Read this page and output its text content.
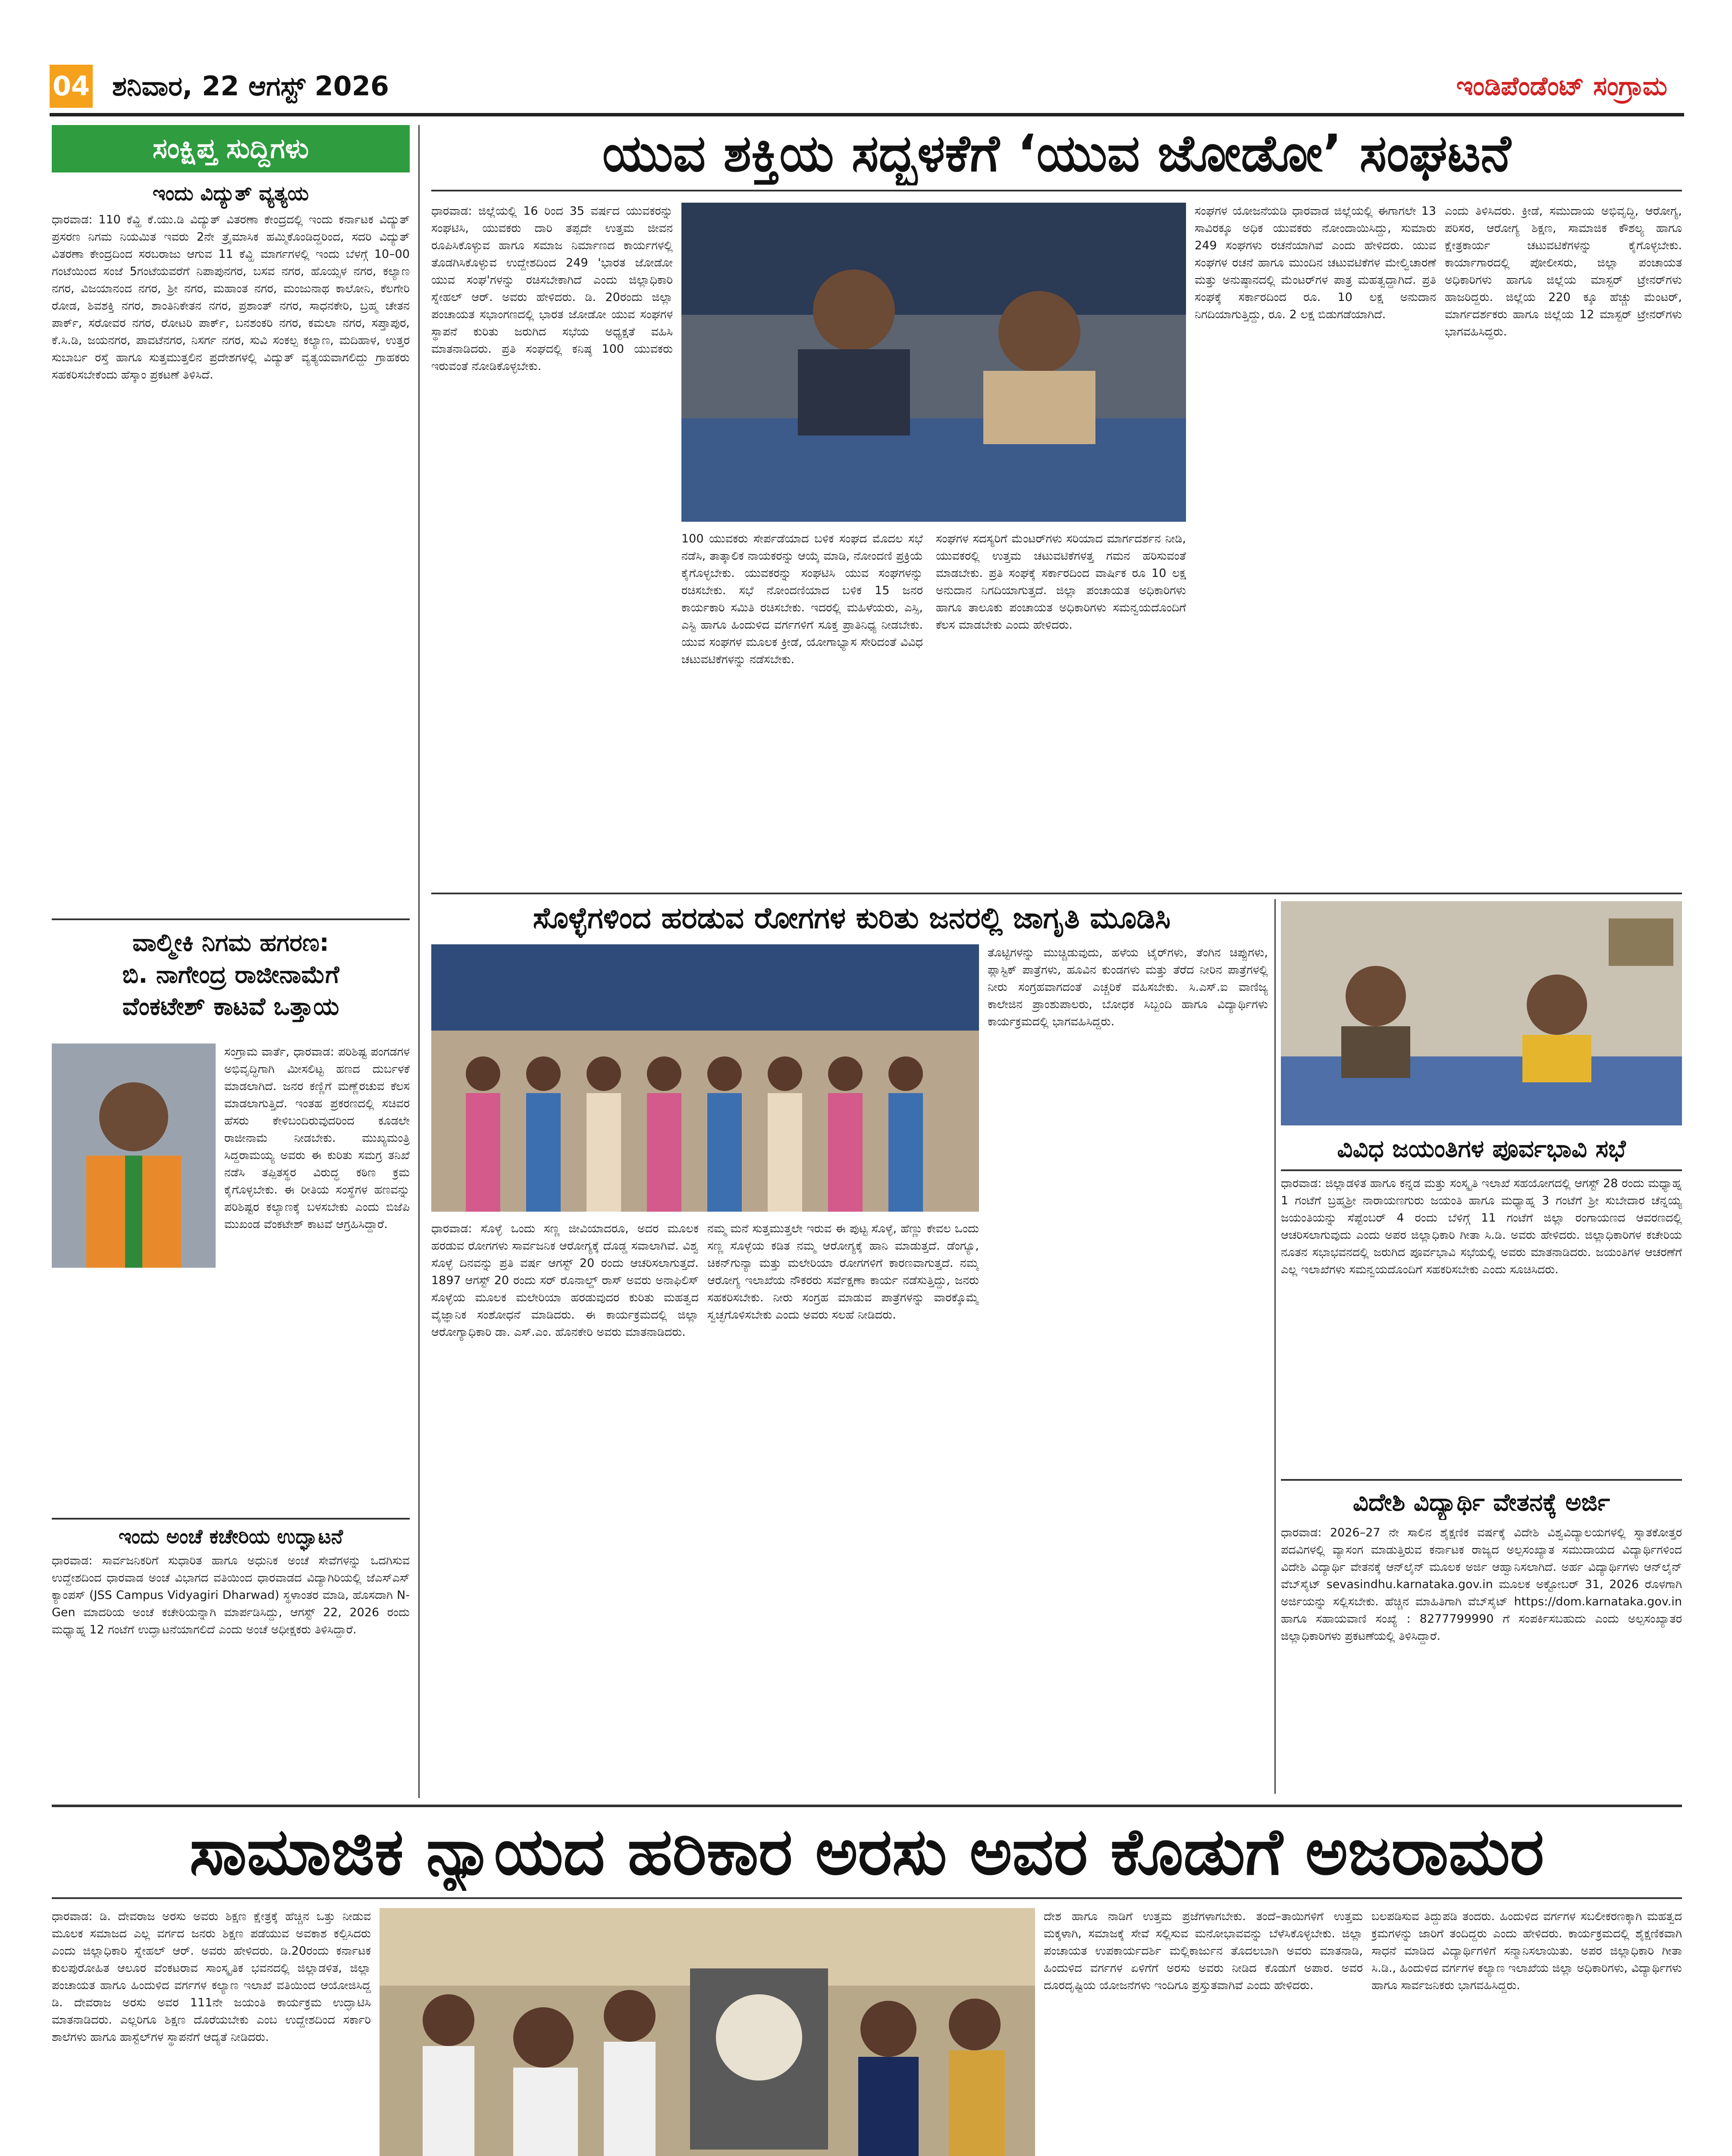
04 ಶನಿವಾರ, 22 ಆಗಸ್ಟ್ 2026	ಇಂಡಿಪೆಂಡೆಂಟ್ ಸಂಗ್ರಾಮ
ಸಂಕ್ಷಿಪ್ತ ಸುದ್ದಿಗಳು
ಇಂದು ವಿದ್ಯುತ್ ವ್ಯತ್ಯಯ

ಧಾರವಾಡ: 110 ಕೆವ್ಹಿ ಕೆ.ಯು.ಡಿ ವಿದ್ಯುತ್ ವಿತರಣಾ ಕೇಂದ್ರದಲ್ಲಿ ಇಂದು ಕರ್ನಾಟಕ ವಿದ್ಯುತ್ ಪ್ರಸರಣ ನಿಗಮ ನಿಯಮಿತ ಇವರು 2ನೇ ತ್ರೈಮಾಸಿಕ ಹಮ್ಮಿಕೊಂಡಿದ್ದರಿಂದ, ಸದರಿ ವಿದ್ಯುತ್ ವಿತರಣಾ ಕೇಂದ್ರದಿಂದ ಸರಬರಾಜು ಆಗುವ 11 ಕೆವ್ಹಿ ಮಾರ್ಗಗಳಲ್ಲಿ ಇಂದು ಬೆಳಗ್ಗೆ 10–00 ಗಂಟೆಯಿಂದ ಸಂಜೆ 5ಗಂಟೆಯವರೆಗೆ ನಿಪಾಪುನಗರ, ಬಸವ ನಗರ, ಹೊಯ್ಸಳ ನಗರ, ಕಲ್ಯಾಣ ನಗರ, ವಿಜಯಾನಂದ ನಗರ, ಶ್ರೀ ನಗರ, ಮಹಾಂತ ನಗರ, ಮಂಜುನಾಥ ಕಾಲೋನಿ, ಕೆಲಗೇರಿ ರೋಡ, ಶಿವಶಕ್ತಿ ನಗರ, ಶಾಂತಿನಿಕೇತನ ನಗರ, ಪ್ರಶಾಂತ್ ನಗರ, ಸಾಧನಕೇರಿ, ಬ್ರಹ್ಮ ಚೇತನ ಪಾರ್ಕ್, ಸರೋವರ ನಗರ, ರೋಟರಿ ಪಾರ್ಕ್, ಬನಶಂಕರಿ ನಗರ, ಕಮಲಾ ನಗರ, ಸಪ್ತಾಪುರ, ಕೆ.ಸಿ.ಡಿ, ಜಯನಗರ, ಪಾವಟೆನಗರ, ನಿಸರ್ಗ ನಗರ, ಸುವಿ ಸಂಕಲ್ಪ ಕಲ್ಯಾಣ, ಮದಿಹಾಳ, ಉತ್ತರ ಸುಬಾರ್ಬ ರಸ್ತೆ ಹಾಗೂ ಸುತ್ತಮುತ್ತಲಿನ ಪ್ರದೇಶಗಳಲ್ಲಿ ವಿದ್ಯುತ್ ವ್ಯತ್ಯಯವಾಗಲಿದ್ದು ಗ್ರಾಹಕರು ಸಹಕರಿಸಬೇಕೆಂದು ಹೆಸ್ಕಾಂ ಪ್ರಕಟಣೆ ತಿಳಿಸಿದೆ.

ವಾಲ್ಮೀಕಿ ನಿಗಮ ಹಗರಣ:
ಬಿ. ನಾಗೇಂದ್ರ ರಾಜೀನಾಮೆಗೆ
ವೆಂಕಟೇಶ್ ಕಾಟವೆ ಒತ್ತಾಯ

ಸಂಗ್ರಾಮ ವಾರ್ತೆ, ಧಾರವಾಡ: ಪರಿಶಿಷ್ಟ ಪಂಗಡಗಳ ಅಭಿವೃದ್ಧಿಗಾಗಿ ಮೀಸಲಿಟ್ಟ ಹಣದ ದುರ್ಬಳಕೆ ಮಾಡಲಾಗಿದೆ. ಜನರ ಕಣ್ಣಿಗೆ ಮಣ್ಣೆರಚುವ ಕೆಲಸ ಮಾಡಲಾಗುತ್ತಿದೆ. ಇಂತಹ ಪ್ರಕರಣದಲ್ಲಿ ಸಚಿವರ ಹೆಸರು ಕೇಳಿಬಂದಿರುವುದರಿಂದ ಕೂಡಲೇ ರಾಜೀನಾಮೆ ನೀಡಬೇಕು. ಮುಖ್ಯಮಂತ್ರಿ ಸಿದ್ದರಾಮಯ್ಯ ಅವರು ಈ ಕುರಿತು ಸಮಗ್ರ ತನಿಖೆ ನಡೆಸಿ ತಪ್ಪಿತಸ್ಥರ ವಿರುದ್ಧ ಕಠಿಣ ಕ್ರಮ ಕೈಗೊಳ್ಳಬೇಕು. ಈ ರೀತಿಯ ಸಂಸ್ಥೆಗಳ ಹಣವನ್ನು ಪರಿಶಿಷ್ಟರ ಕಲ್ಯಾಣಕ್ಕೆ ಬಳಸಬೇಕು ಎಂದು ಬಿಜೆಪಿ ಮುಖಂಡ ವೆಂಕಟೇಶ್ ಕಾಟವೆ ಆಗ್ರಹಿಸಿದ್ದಾರೆ.

ಇಂದು ಅಂಚೆ ಕಚೇರಿಯ ಉದ್ಘಾಟನೆ

ಧಾರವಾಡ: ಸಾರ್ವಜನಿಕರಿಗೆ ಸುಧಾರಿತ ಹಾಗೂ ಅಧುನಿಕ ಅಂಚೆ ಸೇವೆಗಳನ್ನು ಒದಗಿಸುವ ಉದ್ದೇಶದಿಂದ ಧಾರವಾಡ ಅಂಚೆ ವಿಭಾಗದ ವತಿಯಿಂದ ಧಾರವಾಡದ ವಿದ್ಯಾಗಿರಿಯಲ್ಲಿ ಜೆಎಸ್ಎಸ್ ಕ್ಯಾಂಪಸ್ (JSS Campus Vidyagiri Dharwad) ಸ್ಥಳಾಂತರ ಮಾಡಿ, ಹೊಸದಾಗಿ N-Gen ಮಾದರಿಯ ಅಂಚೆ ಕಚೇರಿಯನ್ನಾಗಿ ಮಾರ್ಪಡಿಸಿದ್ದು, ಆಗಸ್ಟ್ 22, 2026 ರಂದು ಮಧ್ಯಾಹ್ನ 12 ಗಂಟೆಗೆ ಉದ್ಘಾಟನೆಯಾಗಲಿದೆ ಎಂದು ಅಂಚೆ ಅಧೀಕ್ಷಕರು ತಿಳಿಸಿದ್ದಾರೆ.

ಯುವ ಶಕ್ತಿಯ ಸದ್ಬಳಕೆಗೆ ‘ಯುವ ಜೋಡೋ’ ಸಂಘಟನೆ

ಧಾರವಾಡ: ಜಿಲ್ಲೆಯಲ್ಲಿ 16 ರಿಂದ 35 ವರ್ಷದ ಯುವಕರನ್ನು ಸಂಘಟಿಸಿ, ಯುವಕರು ದಾರಿ ತಪ್ಪದೇ ಉತ್ತಮ ಜೀವನ ರೂಪಿಸಿಕೊಳ್ಳುವ ಹಾಗೂ ಸಮಾಜ ನಿರ್ಮಾಣದ ಕಾರ್ಯಗಳಲ್ಲಿ ತೊಡಗಿಸಿಕೊಳ್ಳುವ ಉದ್ದೇಶದಿಂದ 249 'ಭಾರತ ಜೋಡೋ ಯುವ ಸಂಘ'ಗಳನ್ನು ರಚಿಸಬೇಕಾಗಿದೆ ಎಂದು ಜಿಲ್ಲಾಧಿಕಾರಿ ಸ್ನೇಹಲ್ ಆರ್. ಅವರು ಹೇಳಿದರು. ಡಿ. 20ರಂದು ಜಿಲ್ಲಾ ಪಂಚಾಯತ ಸಭಾಂಗಣದಲ್ಲಿ ಭಾರತ ಜೋಡೋ ಯುವ ಸಂಘಗಳ ಸ್ಥಾಪನೆ ಕುರಿತು ಜರುಗಿದ ಸಭೆಯ ಅಧ್ಯಕ್ಷತೆ ವಹಿಸಿ ಮಾತನಾಡಿದರು. ಪ್ರತಿ ಸಂಘದಲ್ಲಿ ಕನಿಷ್ಠ 100 ಯುವಕರು ಇರುವಂತೆ ನೋಡಿಕೊಳ್ಳಬೇಕು.

100 ಯುವಕರು ಸೇರ್ಪಡೆಯಾದ ಬಳಿಕ ಸಂಘದ ಮೊದಲ ಸಭೆ ನಡೆಸಿ, ತಾತ್ಕಾಲಿಕ ನಾಯಕರನ್ನು ಆಯ್ಕೆ ಮಾಡಿ, ನೋಂದಣಿ ಪ್ರಕ್ರಿಯೆ ಕೈಗೊಳ್ಳಬೇಕು. ಯುವಕರನ್ನು ಸಂಘಟಿಸಿ ಯುವ ಸಂಘಗಳನ್ನು ರಚಿಸಬೇಕು. ಸಭೆ ನೋಂದಣಿಯಾದ ಬಳಿಕ 15 ಜನರ ಕಾರ್ಯಕಾರಿ ಸಮಿತಿ ರಚಿಸಬೇಕು. ಇದರಲ್ಲಿ ಮಹಿಳೆಯರು, ಎಸ್ಸಿ, ಎಸ್ಟಿ ಹಾಗೂ ಹಿಂದುಳಿದ ವರ್ಗಗಳಿಗೆ ಸೂಕ್ತ ಪ್ರಾತಿನಿಧ್ಯ ನೀಡಬೇಕು. ಯುವ ಸಂಘಗಳ ಮೂಲಕ ಕ್ರೀಡೆ, ಯೋಗಾಭ್ಯಾಸ ಸೇರಿದಂತೆ ವಿವಿಧ ಚಟುವಟಿಕೆಗಳನ್ನು ನಡೆಸಬೇಕು.

ಸಂಘಗಳ ಸದಸ್ಯರಿಗೆ ಮೆಂಟರ್‌ಗಳು ಸರಿಯಾದ ಮಾರ್ಗದರ್ಶನ ನೀಡಿ, ಯುವಕರಲ್ಲಿ ಉತ್ತಮ ಚಟುವಟಿಕೆಗಳತ್ತ ಗಮನ ಹರಿಸುವಂತೆ ಮಾಡಬೇಕು. ಪ್ರತಿ ಸಂಘಕ್ಕೆ ಸರ್ಕಾರದಿಂದ ವಾರ್ಷಿಕ ರೂ 10 ಲಕ್ಷ ಅನುದಾನ ನಿಗದಿಯಾಗುತ್ತದೆ. ಜಿಲ್ಲಾ ಪಂಚಾಯತ ಅಧಿಕಾರಿಗಳು ಹಾಗೂ ತಾಲೂಕು ಪಂಚಾಯತ ಅಧಿಕಾರಿಗಳು ಸಮನ್ವಯದೊಂದಿಗೆ ಕೆಲಸ ಮಾಡಬೇಕು ಎಂದು ಹೇಳಿದರು.

ಸಂಘಗಳ ಯೋಜನೆಯಡಿ ಧಾರವಾಡ ಜಿಲ್ಲೆಯಲ್ಲಿ ಈಗಾಗಲೇ 13 ಸಾವಿರಕ್ಕೂ ಅಧಿಕ ಯುವಕರು ನೋಂದಾಯಿಸಿದ್ದು, ಸುಮಾರು 249 ಸಂಘಗಳು ರಚನೆಯಾಗಿವೆ ಎಂದು ಹೇಳಿದರು. ಯುವ ಸಂಘಗಳ ರಚನೆ ಹಾಗೂ ಮುಂದಿನ ಚಟುವಟಿಕೆಗಳ ಮೇಲ್ವಿಚಾರಣೆ ಮತ್ತು ಅನುಷ್ಠಾನದಲ್ಲಿ ಮೆಂಟರ್‌ಗಳ ಪಾತ್ರ ಮಹತ್ವದ್ದಾಗಿದೆ. ಪ್ರತಿ ಸಂಘಕ್ಕೆ ಸರ್ಕಾರದಿಂದ ರೂ. 10 ಲಕ್ಷ ಅನುದಾನ ನಿಗದಿಯಾಗುತ್ತಿದ್ದು, ರೂ. 2 ಲಕ್ಷ ಬಿಡುಗಡೆಯಾಗಿದೆ.

ಎಂದು ತಿಳಿಸಿದರು. ಕ್ರೀಡೆ, ಸಮುದಾಯ ಅಭಿವೃದ್ಧಿ, ಆರೋಗ್ಯ, ಪರಿಸರ, ಆರೋಗ್ಯ ಶಿಕ್ಷಣ, ಸಾಮಾಜಿಕ ಕೌಶಲ್ಯ ಹಾಗೂ ಕ್ಷೇತ್ರಕಾರ್ಯ ಚಟುವಟಿಕೆಗಳನ್ನು ಕೈಗೊಳ್ಳಬೇಕು. ಕಾರ್ಯಾಗಾರದಲ್ಲಿ ಪೋಲೀಸರು, ಜಿಲ್ಲಾ ಪಂಚಾಯತ ಅಧಿಕಾರಿಗಳು ಹಾಗೂ ಜಿಲ್ಲೆಯ ಮಾಸ್ಟರ್ ಟ್ರೇನರ್‌ಗಳು ಹಾಜರಿದ್ದರು. ಜಿಲ್ಲೆಯ 220 ಕ್ಕೂ ಹೆಚ್ಚು ಮೆಂಟರ್, ಮಾರ್ಗದರ್ಶಕರು ಹಾಗೂ ಜಿಲ್ಲೆಯ 12 ಮಾಸ್ಟರ್ ಟ್ರೇನರ್‌ಗಳು ಭಾಗವಹಿಸಿದ್ದರು.

ಸೊಳ್ಳೆಗಳಿಂದ ಹರಡುವ ರೋಗಗಳ ಕುರಿತು ಜನರಲ್ಲಿ ಜಾಗೃತಿ ಮೂಡಿಸಿ

ಧಾರವಾಡ: ಸೊಳ್ಳೆ ಒಂದು ಸಣ್ಣ ಜೀವಿಯಾದರೂ, ಅದರ ಮೂಲಕ ಹರಡುವ ರೋಗಗಳು ಸಾರ್ವಜನಿಕ ಆರೋಗ್ಯಕ್ಕೆ ದೊಡ್ಡ ಸವಾಲಾಗಿವೆ. ವಿಶ್ವ ಸೊಳ್ಳೆ ದಿನವನ್ನು ಪ್ರತಿ ವರ್ಷ ಆಗಸ್ಟ್ 20 ರಂದು ಆಚರಿಸಲಾಗುತ್ತದೆ. 1897 ಆಗಸ್ಟ್ 20 ರಂದು ಸರ್ ರೊನಾಲ್ಡ್ ರಾಸ್ ಅವರು ಅನಾಫಿಲಿಸ್ ಸೊಳ್ಳೆಯ ಮೂಲಕ ಮಲೇರಿಯಾ ಹರಡುವುದರ ಕುರಿತು ಮಹತ್ವದ ವೈಜ್ಞಾನಿಕ ಸಂಶೋಧನೆ ಮಾಡಿದರು. ಈ ಕಾರ್ಯಕ್ರಮದಲ್ಲಿ ಜಿಲ್ಲಾ ಆರೋಗ್ಯಾಧಿಕಾರಿ ಡಾ. ಎಸ್.ಎಂ. ಹೊನಕೇರಿ ಅವರು ಮಾತನಾಡಿದರು.

ನಮ್ಮ ಮನೆ ಸುತ್ತಮುತ್ತಲೇ ಇರುವ ಈ ಪುಟ್ಟ ಸೊಳ್ಳೆ, ಹೆಣ್ಣು ಕೇವಲ ಒಂದು ಸಣ್ಣ ಸೊಳ್ಳೆಯ ಕಡಿತ ನಮ್ಮ ಆರೋಗ್ಯಕ್ಕೆ ಹಾನಿ ಮಾಡುತ್ತದೆ. ಡೆಂಗ್ಯೂ, ಚಿಕನ್‌ಗುನ್ಯಾ ಮತ್ತು ಮಲೇರಿಯಾ ರೋಗಗಳಿಗೆ ಕಾರಣವಾಗುತ್ತದೆ. ನಮ್ಮ ಆರೋಗ್ಯ ಇಲಾಖೆಯ ನೌಕರರು ಸರ್ವೆಕ್ಷಣಾ ಕಾರ್ಯ ನಡೆಸುತ್ತಿದ್ದು, ಜನರು ಸಹಕರಿಸಬೇಕು. ನೀರು ಸಂಗ್ರಹ ಮಾಡುವ ಪಾತ್ರೆಗಳನ್ನು ವಾರಕ್ಕೊಮ್ಮೆ ಸ್ವಚ್ಛಗೊಳಿಸಬೇಕು ಎಂದು ಅವರು ಸಲಹೆ ನೀಡಿದರು.

ತೊಟ್ಟಿಗಳನ್ನು ಮುಚ್ಚಿಡುವುದು, ಹಳೆಯ ಟೈರ್‌ಗಳು, ತೆಂಗಿನ ಚಿಪ್ಪುಗಳು, ಪ್ಲಾಸ್ಟಿಕ್ ಪಾತ್ರೆಗಳು, ಹೂವಿನ ಕುಂಡಗಳು ಮತ್ತು ತೆರೆದ ನೀರಿನ ಪಾತ್ರೆಗಳಲ್ಲಿ ನೀರು ಸಂಗ್ರಹವಾಗದಂತೆ ಎಚ್ಚರಿಕೆ ವಹಿಸಬೇಕು. ಸಿ.ಎಸ್.ಐ ವಾಣಿಜ್ಯ ಕಾಲೇಜಿನ ಪ್ರಾಂಶುಪಾಲರು, ಬೋಧಕ ಸಿಬ್ಬಂದಿ ಹಾಗೂ ವಿದ್ಯಾರ್ಥಿಗಳು ಕಾರ್ಯಕ್ರಮದಲ್ಲಿ ಭಾಗವಹಿಸಿದ್ದರು.

ವಿವಿಧ ಜಯಂತಿಗಳ ಪೂರ್ವಭಾವಿ ಸಭೆ

ಧಾರವಾಡ: ಜಿಲ್ಲಾಡಳಿತ ಹಾಗೂ ಕನ್ನಡ ಮತ್ತು ಸಂಸ್ಕೃತಿ ಇಲಾಖೆ ಸಹಯೋಗದಲ್ಲಿ ಆಗಸ್ಟ್ 28 ರಂದು ಮಧ್ಯಾಹ್ನ 1 ಗಂಟೆಗೆ ಬ್ರಹ್ಮಶ್ರೀ ನಾರಾಯಣಗುರು ಜಯಂತಿ ಹಾಗೂ ಮಧ್ಯಾಹ್ನ 3 ಗಂಟೆಗೆ ಶ್ರೀ ಸುಬೇದಾರ ಚೆನ್ನಯ್ಯ ಜಯಂತಿಯನ್ನು ಸೆಪ್ಟೆಂಬರ್ 4 ರಂದು ಬೆಳಿಗ್ಗೆ 11 ಗಂಟೆಗೆ ಜಿಲ್ಲಾ ರಂಗಾಯಣದ ಆವರಣದಲ್ಲಿ ಆಚರಿಸಲಾಗುವುದು ಎಂದು ಅಪರ ಜಿಲ್ಲಾಧಿಕಾರಿ ಗೀತಾ ಸಿ.ಡಿ. ಅವರು ಹೇಳಿದರು. ಜಿಲ್ಲಾಧಿಕಾರಿಗಳ ಕಚೇರಿಯ ನೂತನ ಸಭಾಭವನದಲ್ಲಿ ಜರುಗಿದ ಪೂರ್ವಭಾವಿ ಸಭೆಯಲ್ಲಿ ಅವರು ಮಾತನಾಡಿದರು. ಜಯಂತಿಗಳ ಆಚರಣೆಗೆ ಎಲ್ಲ ಇಲಾಖೆಗಳು ಸಮನ್ವಯದೊಂದಿಗೆ ಸಹಕರಿಸಬೇಕು ಎಂದು ಸೂಚಿಸಿದರು.

ವಿದೇಶಿ ವಿದ್ಯಾರ್ಥಿ ವೇತನಕ್ಕೆ ಅರ್ಜಿ

ಧಾರವಾಡ: 2026–27 ನೇ ಸಾಲಿನ ಶೈಕ್ಷಣಿಕ ವರ್ಷಕ್ಕೆ ವಿದೇಶಿ ವಿಶ್ವವಿದ್ಯಾಲಯಗಳಲ್ಲಿ ಸ್ನಾತಕೋತ್ತರ ಪದವಿಗಳಲ್ಲಿ ವ್ಯಾಸಂಗ ಮಾಡುತ್ತಿರುವ ಕರ್ನಾಟಕ ರಾಜ್ಯದ ಅಲ್ಪಸಂಖ್ಯಾತ ಸಮುದಾಯದ ವಿದ್ಯಾರ್ಥಿಗಳಿಂದ ವಿದೇಶಿ ವಿದ್ಯಾರ್ಥಿ ವೇತನಕ್ಕೆ ಆನ್‌ಲೈನ್ ಮೂಲಕ ಅರ್ಜಿ ಆಹ್ವಾನಿಸಲಾಗಿದೆ. ಅರ್ಹ ವಿದ್ಯಾರ್ಥಿಗಳು ಆನ್‌ಲೈನ್ ವೆಬ್‌ಸೈಟ್ sevasindhu.karnataka.gov.in ಮೂಲಕ ಅಕ್ಟೋಬರ್ 31, 2026 ರೊಳಗಾಗಿ ಅರ್ಜಿಯನ್ನು ಸಲ್ಲಿಸಬೇಕು. ಹೆಚ್ಚಿನ ಮಾಹಿತಿಗಾಗಿ ವೆಬ್‌ಸೈಟ್ https://dom.karnataka.gov.in ಹಾಗೂ ಸಹಾಯವಾಣಿ ಸಂಖ್ಯೆ : 8277799990 ಗೆ ಸಂಪರ್ಕಿಸಬಹುದು ಎಂದು ಅಲ್ಪಸಂಖ್ಯಾತರ ಜಿಲ್ಲಾಧಿಕಾರಿಗಳು ಪ್ರಕಟಣೆಯಲ್ಲಿ ತಿಳಿಸಿದ್ದಾರೆ.

ಸಾಮಾಜಿಕ ನ್ಯಾಯದ ಹರಿಕಾರ ಅರಸು ಅವರ ಕೊಡುಗೆ ಅಜರಾಮರ

ಧಾರವಾಡ: ಡಿ. ದೇವರಾಜ ಅರಸು ಅವರು ಶಿಕ್ಷಣ ಕ್ಷೇತ್ರಕ್ಕೆ ಹೆಚ್ಚಿನ ಒತ್ತು ನೀಡುವ ಮೂಲಕ ಸಮಾಜದ ಎಲ್ಲ ವರ್ಗದ ಜನರು ಶಿಕ್ಷಣ ಪಡೆಯುವ ಅವಕಾಶ ಕಲ್ಪಿಸಿದರು ಎಂದು ಜಿಲ್ಲಾಧಿಕಾರಿ ಸ್ನೇಹಲ್ ಆರ್. ಅವರು ಹೇಳಿದರು. ಡಿ.20ರಂದು ಕರ್ನಾಟಕ ಕುಲಪುರೋಹಿತ ಆಲೂರ ವೆಂಕಟರಾವ ಸಾಂಸ್ಕೃತಿಕ ಭವನದಲ್ಲಿ ಜಿಲ್ಲಾಡಳಿತ, ಜಿಲ್ಲಾ ಪಂಚಾಯತ ಹಾಗೂ ಹಿಂದುಳಿದ ವರ್ಗಗಳ ಕಲ್ಯಾಣ ಇಲಾಖೆ ವತಿಯಿಂದ ಆಯೋಜಿಸಿದ್ದ ಡಿ. ದೇವರಾಜ ಅರಸು ಅವರ 111ನೇ ಜಯಂತಿ ಕಾರ್ಯಕ್ರಮ ಉದ್ಘಾಟಿಸಿ ಮಾತನಾಡಿದರು. ಎಲ್ಲರಿಗೂ ಶಿಕ್ಷಣ ದೊರೆಯಬೇಕು ಎಂಬ ಉದ್ದೇಶದಿಂದ ಸರ್ಕಾರಿ ಶಾಲೆಗಳು ಹಾಗೂ ಹಾಸ್ಟೆಲ್‌ಗಳ ಸ್ಥಾಪನೆಗೆ ಆದ್ಯತೆ ನೀಡಿದರು.

ದೇಶ ಹಾಗೂ ನಾಡಿಗೆ ಉತ್ತಮ ಪ್ರಜೆಗಳಾಗಬೇಕು. ತಂದೆ–ತಾಯಿಗಳಿಗೆ ಉತ್ತಮ ಮಕ್ಕಳಾಗಿ, ಸಮಾಜಕ್ಕೆ ಸೇವೆ ಸಲ್ಲಿಸುವ ಮನೋಭಾವವನ್ನು ಬೆಳೆಸಿಕೊಳ್ಳಬೇಕು. ಜಿಲ್ಲಾ ಪಂಚಾಯತ ಉಪಕಾರ್ಯದರ್ಶಿ ಮಲ್ಲಿಕಾರ್ಜುನ ತೊದಲಬಾಗಿ ಅವರು ಮಾತನಾಡಿ, ಹಿಂದುಳಿದ ವರ್ಗಗಳ ಏಳಿಗೆಗೆ ಅರಸು ಅವರು ನೀಡಿದ ಕೊಡುಗೆ ಅಪಾರ. ಅವರ ದೂರದೃಷ್ಟಿಯ ಯೋಜನೆಗಳು ಇಂದಿಗೂ ಪ್ರಸ್ತುತವಾಗಿವೆ ಎಂದು ಹೇಳಿದರು.

ಬಲಪಡಿಸುವ ತಿದ್ದುಪಡಿ ತಂದರು. ಹಿಂದುಳಿದ ವರ್ಗಗಳ ಸಬಲೀಕರಣಕ್ಕಾಗಿ ಮಹತ್ವದ ಕ್ರಮಗಳನ್ನು ಜಾರಿಗೆ ತಂದಿದ್ದರು ಎಂದು ಹೇಳಿದರು. ಕಾರ್ಯಕ್ರಮದಲ್ಲಿ ಶೈಕ್ಷಣಿಕವಾಗಿ ಸಾಧನೆ ಮಾಡಿದ ವಿದ್ಯಾರ್ಥಿಗಳಿಗೆ ಸನ್ಮಾನಿಸಲಾಯಿತು. ಅಪರ ಜಿಲ್ಲಾಧಿಕಾರಿ ಗೀತಾ ಸಿ.ಡಿ., ಹಿಂದುಳಿದ ವರ್ಗಗಳ ಕಲ್ಯಾಣ ಇಲಾಖೆಯ ಜಿಲ್ಲಾ ಅಧಿಕಾರಿಗಳು, ವಿದ್ಯಾರ್ಥಿಗಳು ಹಾಗೂ ಸಾರ್ವಜನಿಕರು ಭಾಗವಹಿಸಿದ್ದರು.
